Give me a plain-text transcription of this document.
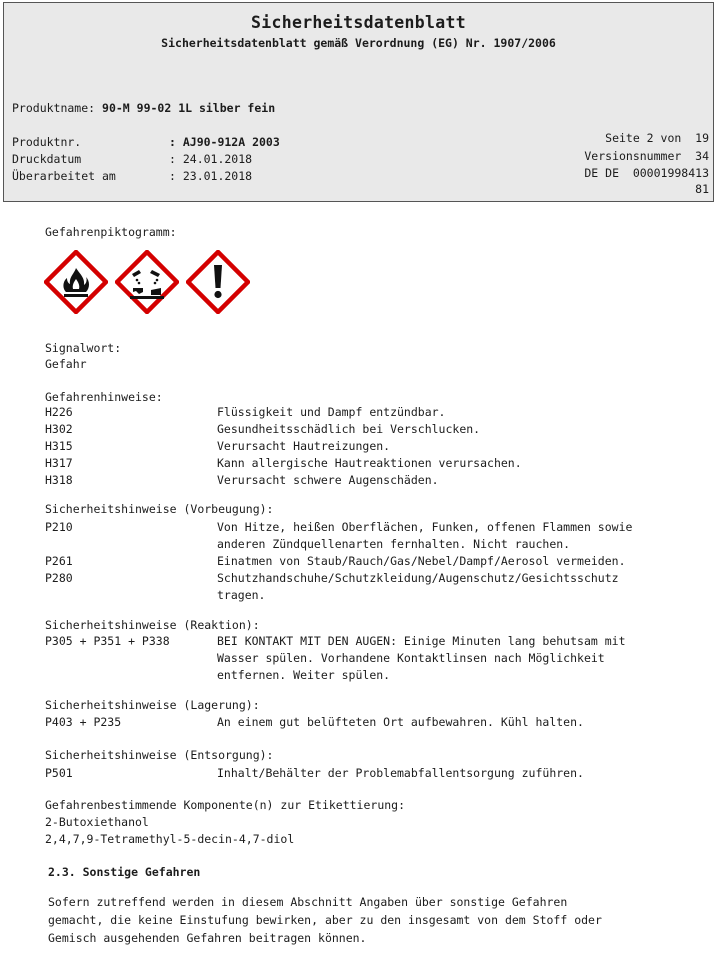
Sicherheitsdatenblatt
Sicherheitsdatenblatt gemäß Verordnung (EG) Nr. 1907/2006
Produktname: 90-M 99-02 1L silber fein
Produktnr.	: AJ90-912A 2003
Druckdatum	: 24.01.2018
Überarbeitet am	: 23.01.2018
Seite 2 von  19
Versionsnummer  34
DE DE  00001998413
81
Gefahrenpiktogramm:
Signalwort:
Gefahr
Gefahrenhinweise:
H226	Flüssigkeit und Dampf entzündbar.
H302	Gesundheitsschädlich bei Verschlucken.
H315	Verursacht Hautreizungen.
H317	Kann allergische Hautreaktionen verursachen.
H318	Verursacht schwere Augenschäden.
Sicherheitshinweise (Vorbeugung):
P210	Von Hitze, heißen Oberflächen, Funken, offenen Flammen sowie
anderen Zündquellenarten fernhalten. Nicht rauchen.
P261	Einatmen von Staub/Rauch/Gas/Nebel/Dampf/Aerosol vermeiden.
P280	Schutzhandschuhe/Schutzkleidung/Augenschutz/Gesichtsschutz
tragen.
Sicherheitshinweise (Reaktion):
P305 + P351 + P338	BEI KONTAKT MIT DEN AUGEN: Einige Minuten lang behutsam mit
Wasser spülen. Vorhandene Kontaktlinsen nach Möglichkeit
entfernen. Weiter spülen.
Sicherheitshinweise (Lagerung):
P403 + P235	An einem gut belüfteten Ort aufbewahren. Kühl halten.
Sicherheitshinweise (Entsorgung):
P501	Inhalt/Behälter der Problemabfallentsorgung zuführen.
Gefahrenbestimmende Komponente(n) zur Etikettierung:
2-Butoxiethanol
2,4,7,9-Tetramethyl-5-decin-4,7-diol
2.3. Sonstige Gefahren
Sofern zutreffend werden in diesem Abschnitt Angaben über sonstige Gefahren
gemacht, die keine Einstufung bewirken, aber zu den insgesamt von dem Stoff oder
Gemisch ausgehenden Gefahren beitragen können.
